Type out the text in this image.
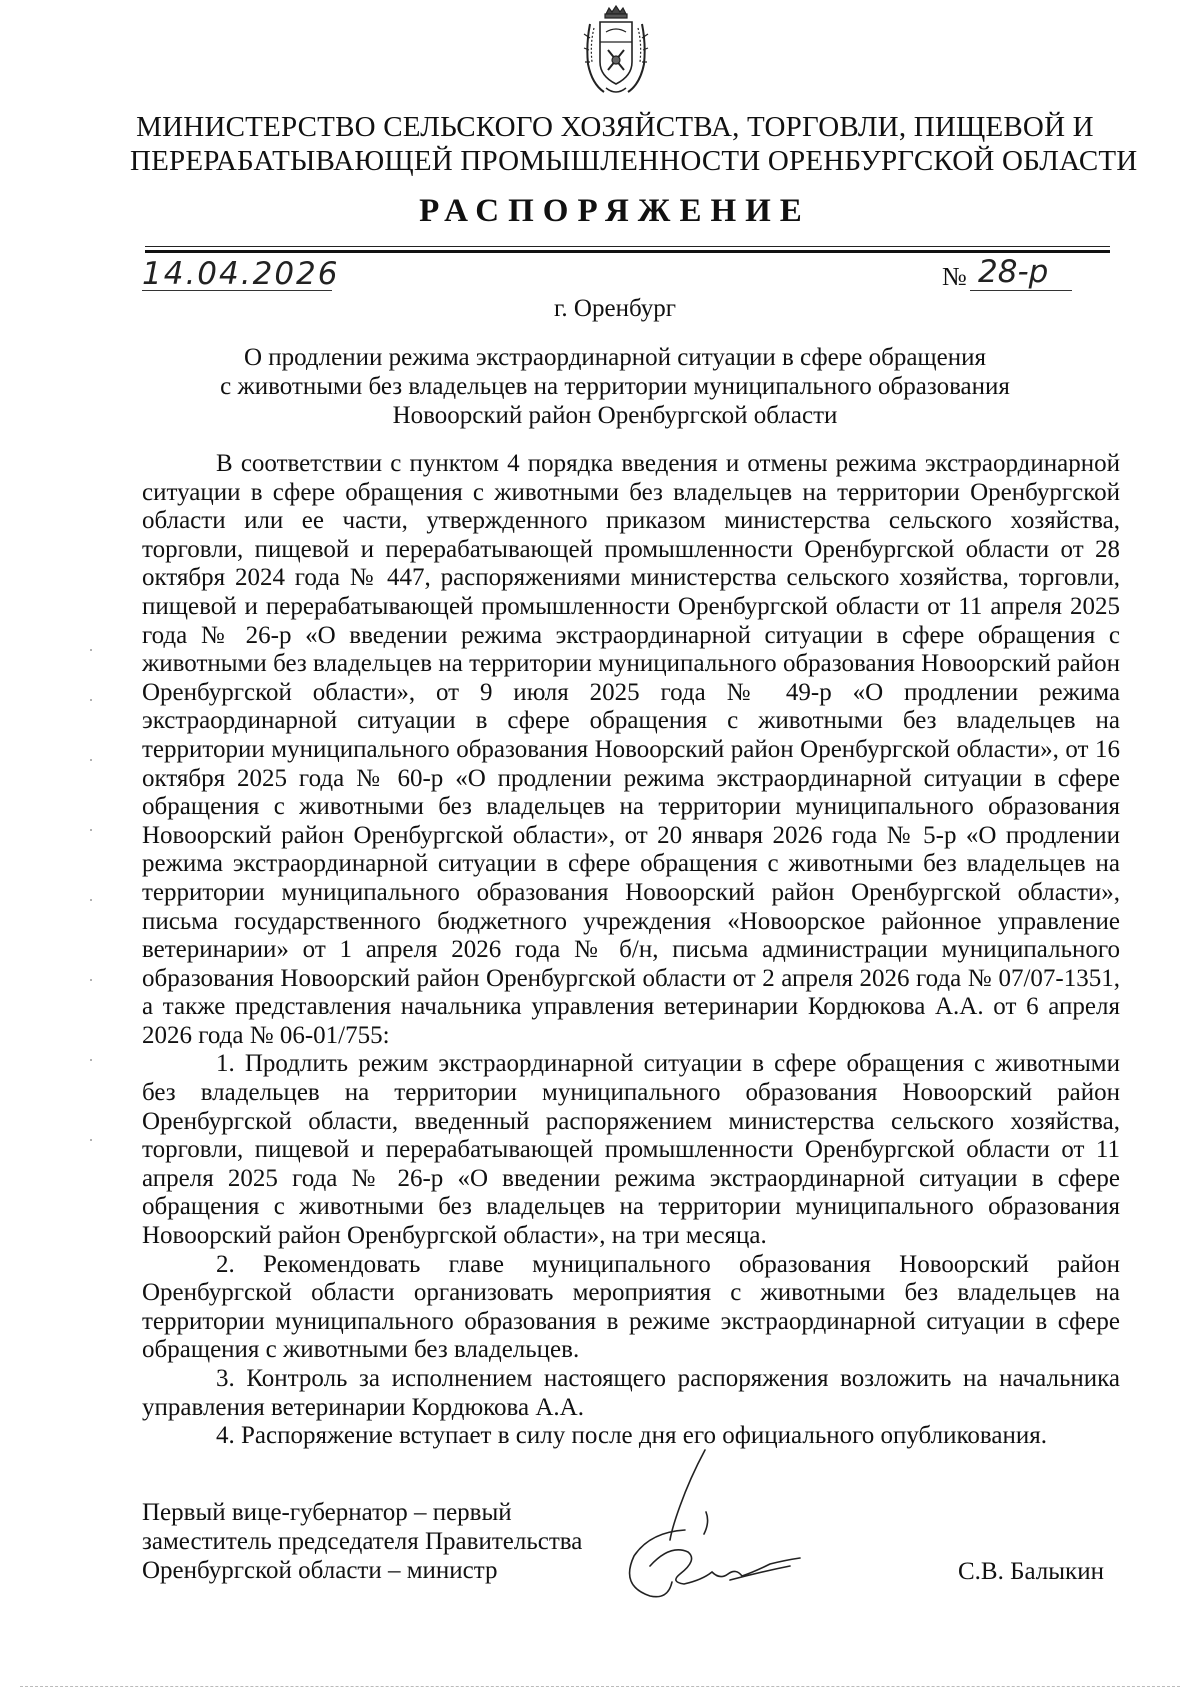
МИНИСТЕРСТВО СЕЛЬСКОГО ХОЗЯЙСТВА, ТОРГОВЛИ, ПИЩЕВОЙ И
ПЕРЕРАБАТЫВАЮЩЕЙ ПРОМЫШЛЕННОСТИ ОРЕНБУРГСКОЙ ОБЛАСТИ
РАСПОРЯЖЕНИЕ
14.04.2026	№ 28-р
г. Оренбург
О продлении режима экстраординарной ситуации в сфере обращения
с животными без владельцев на территории муниципального образования
Новоорский район Оренбургской области

В соответствии с пунктом 4 порядка введения и отмены режима экстраординарной ситуации в сфере обращения с животными без владельцев на территории Оренбургской области или ее части, утвержденного приказом министерства сельского хозяйства, торговли, пищевой и перерабатывающей промышленности Оренбургской области от 28 октября 2024 года № 447, распоряжениями министерства сельского хозяйства, торговли, пищевой и перерабатывающей промышленности Оренбургской области от 11 апреля 2025 года № 26-р «О введении режима экстраординарной ситуации в сфере обращения с животными без владельцев на территории муниципального образования Новоорский район Оренбургской области», от 9 июля 2025 года № 49-р «О продлении режима экстраординарной ситуации в сфере обращения с животными без владельцев на территории муниципального образования Новоорский район Оренбургской области», от 16 октября 2025 года № 60-р «О продлении режима экстраординарной ситуации в сфере обращения с животными без владельцев на территории муниципального образования Новоорский район Оренбургской области», от 20 января 2026 года № 5-р «О продлении режима экстраординарной ситуации в сфере обращения с животными без владельцев на территории муниципального образования Новоорский район Оренбургской области», письма государственного бюджетного учреждения «Новоорское районное управление ветеринарии» от 1 апреля 2026 года № б/н, письма администрации муниципального образования Новоорский район Оренбургской области от 2 апреля 2026 года № 07/07-1351, а также представления начальника управления ветеринарии Кордюкова А.А. от 6 апреля 2026 года № 06-01/755:

1. Продлить режим экстраординарной ситуации в сфере обращения с животными без владельцев на территории муниципального образования Новоорский район Оренбургской области, введенный распоряжением министерства сельского хозяйства, торговли, пищевой и перерабатывающей промышленности Оренбургской области от 11 апреля 2025 года № 26-р «О введении режима экстраординарной ситуации в сфере обращения с животными без владельцев на территории муниципального образования Новоорский район Оренбургской области», на три месяца.

2. Рекомендовать главе муниципального образования Новоорский район Оренбургской области организовать мероприятия с животными без владельцев на территории муниципального образования в режиме экстраординарной ситуации в сфере обращения с животными без владельцев.

3. Контроль за исполнением настоящего распоряжения возложить на начальника управления ветеринарии Кордюкова А.А.

4. Распоряжение вступает в силу после дня его официального опубликования.

Первый вице-губернатор – первый
заместитель председателя Правительства
Оренбургской области – министр	С.В. Балыкин
